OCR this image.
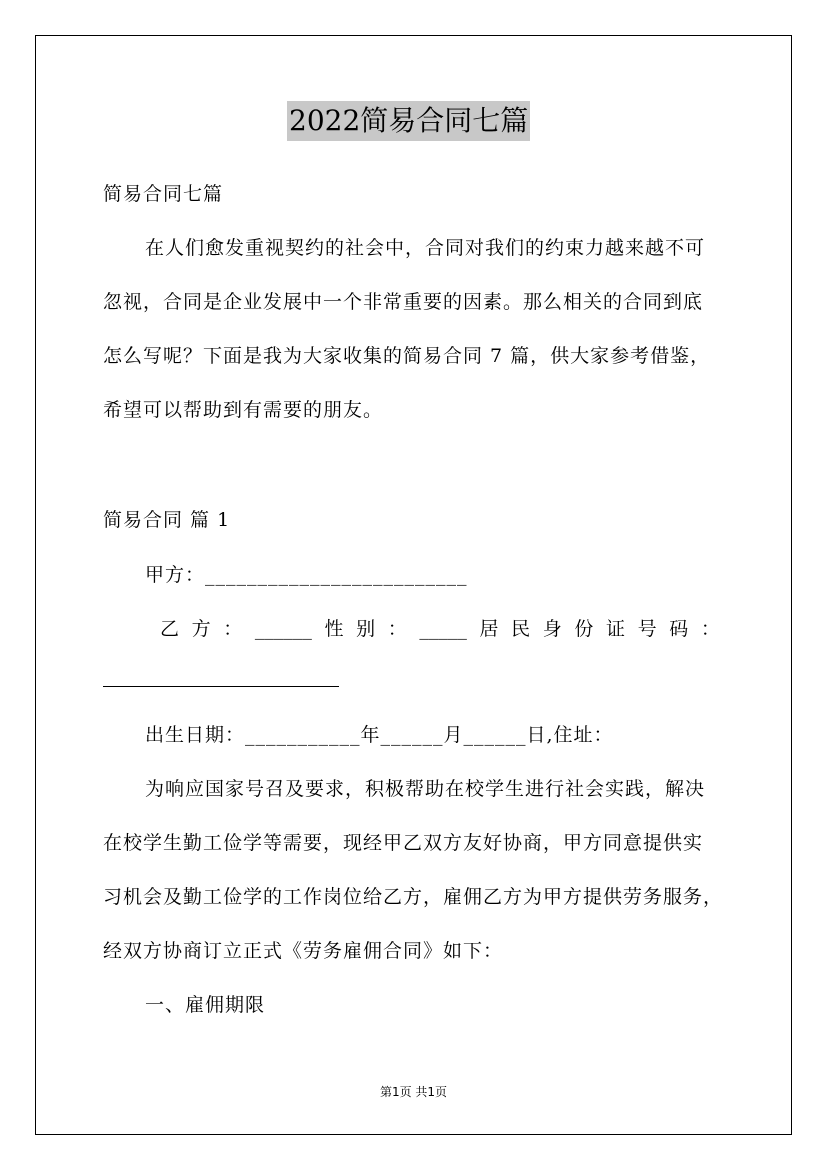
2022简易合同七篇
简易合同七篇
在人们愈发重视契约的社会中，合同对我们的约束力越来越不可
忽视，合同是企业发展中一个非常重要的因素。那么相关的合同到底
怎么写呢？下面是我为大家收集的简易合同 7 篇，供大家参考借鉴，
希望可以帮助到有需要的朋友。
简易合同 篇 1
甲方：_________________________
乙 方 ： ______ 性 别 ： _____ 居 民 身 份 证 号 码 ：
出生日期：___________年______月______日,住址：
为响应国家号召及要求，积极帮助在校学生进行社会实践，解决
在校学生勤工俭学等需要，现经甲乙双方友好协商，甲方同意提供实
习机会及勤工俭学的工作岗位给乙方，雇佣乙方为甲方提供劳务服务，
经双方协商订立正式《劳务雇佣合同》如下：
一、雇佣期限
第1页 共1页
